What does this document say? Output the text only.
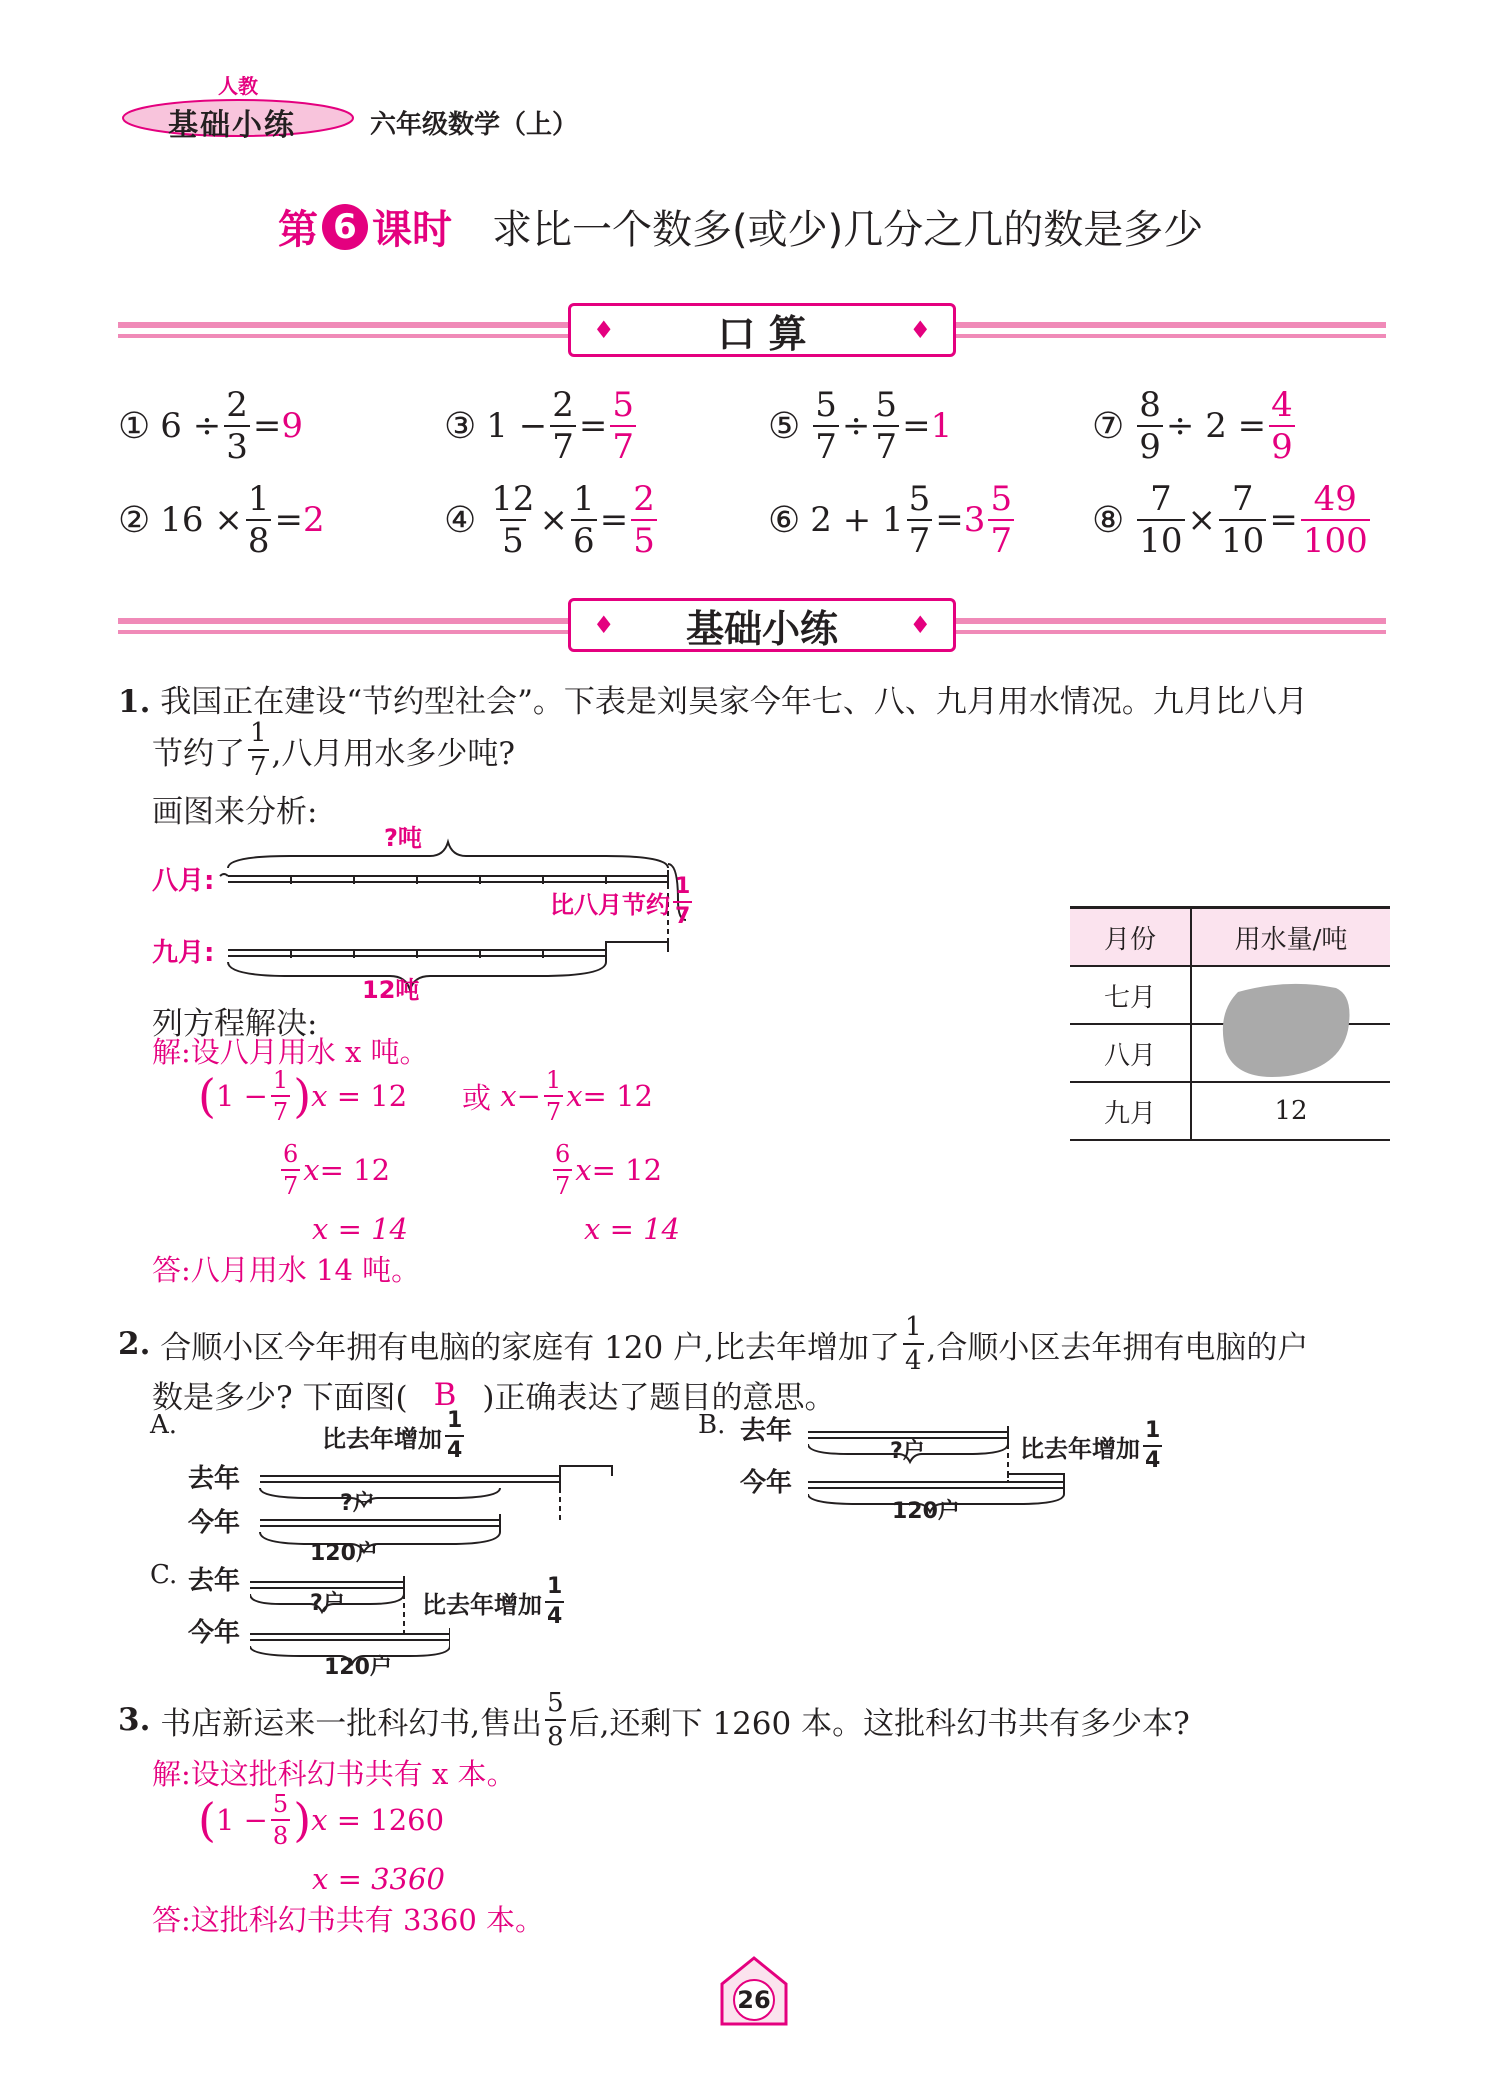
人教
基础小练	六年级数学（上）
第 6 课时 求比一个数多(或少)几分之几的数是多少
♦	口 算	♦
① $6 \div \frac{2}{3} = 9$
② $16 \times \frac{1}{8} = 2$
③ $1 - \frac{2}{7} = \frac{5}{7}$
④ $\frac{12}{5} \times \frac{1}{6} = \frac{2}{5}$
⑤ $\frac{5}{7} \div \frac{5}{7} = 1$
⑥ $2 + 1 \frac{5}{7} = 3 \frac{5}{7}$
⑦ $\frac{8}{9} \div 2 = \frac{4}{9}$
⑧ $\frac{7}{10} \times \frac{7}{10} = \frac{49}{100}$
♦ 基础小练	♦
1. 我国正在建设“节约型社会”。下表是刘昊家今年七、八、九月用水情况。九月比八月
节约了 $\frac{1}{7}$ ,八月用水多少吨?
画图来分析:
八月:
九月:
?吨
12吨
比八月节约 $\frac{1}{7}$
月份	用水量/吨
七月	
八月	
九月	12
列方程解决:
解:设八月用水 x 吨。
( $1 - \frac{1}{7}$ ) x = 12 或
$x - \frac{1}{7}$ x = 12
$\frac{6}{7}$ x = 12	$\frac{6}{7}$ x = 12
x = 14	x = 14
答:八月用水 14 吨。
2.
合顺小区今年拥有电脑的家庭有 120 户,比去年增加了 $\frac{1}{4}$ ,合顺小区去年拥有电脑的户
数是多少? 下面图( B )正确表达了题目的意思。
A.
去年
今年
比去年增加 $\frac{1}{4}$
?户
120户
B. 去年
今年
?户
120户
比去年增加 $\frac{1}{4}$
C. 去年
今年
?户
120户
比去年增加 $\frac{1}{4}$
3.
书店新运来一批科幻书,售出 $\frac{5}{8}$ 后,还剩下 1260 本。这批科幻书共有多少本?
解:设这批科幻书共有 x 本。
( $1 - \frac{5}{8}$ ) x = 1260
x = 3360
答:这批科幻书共有 3360 本。
26
